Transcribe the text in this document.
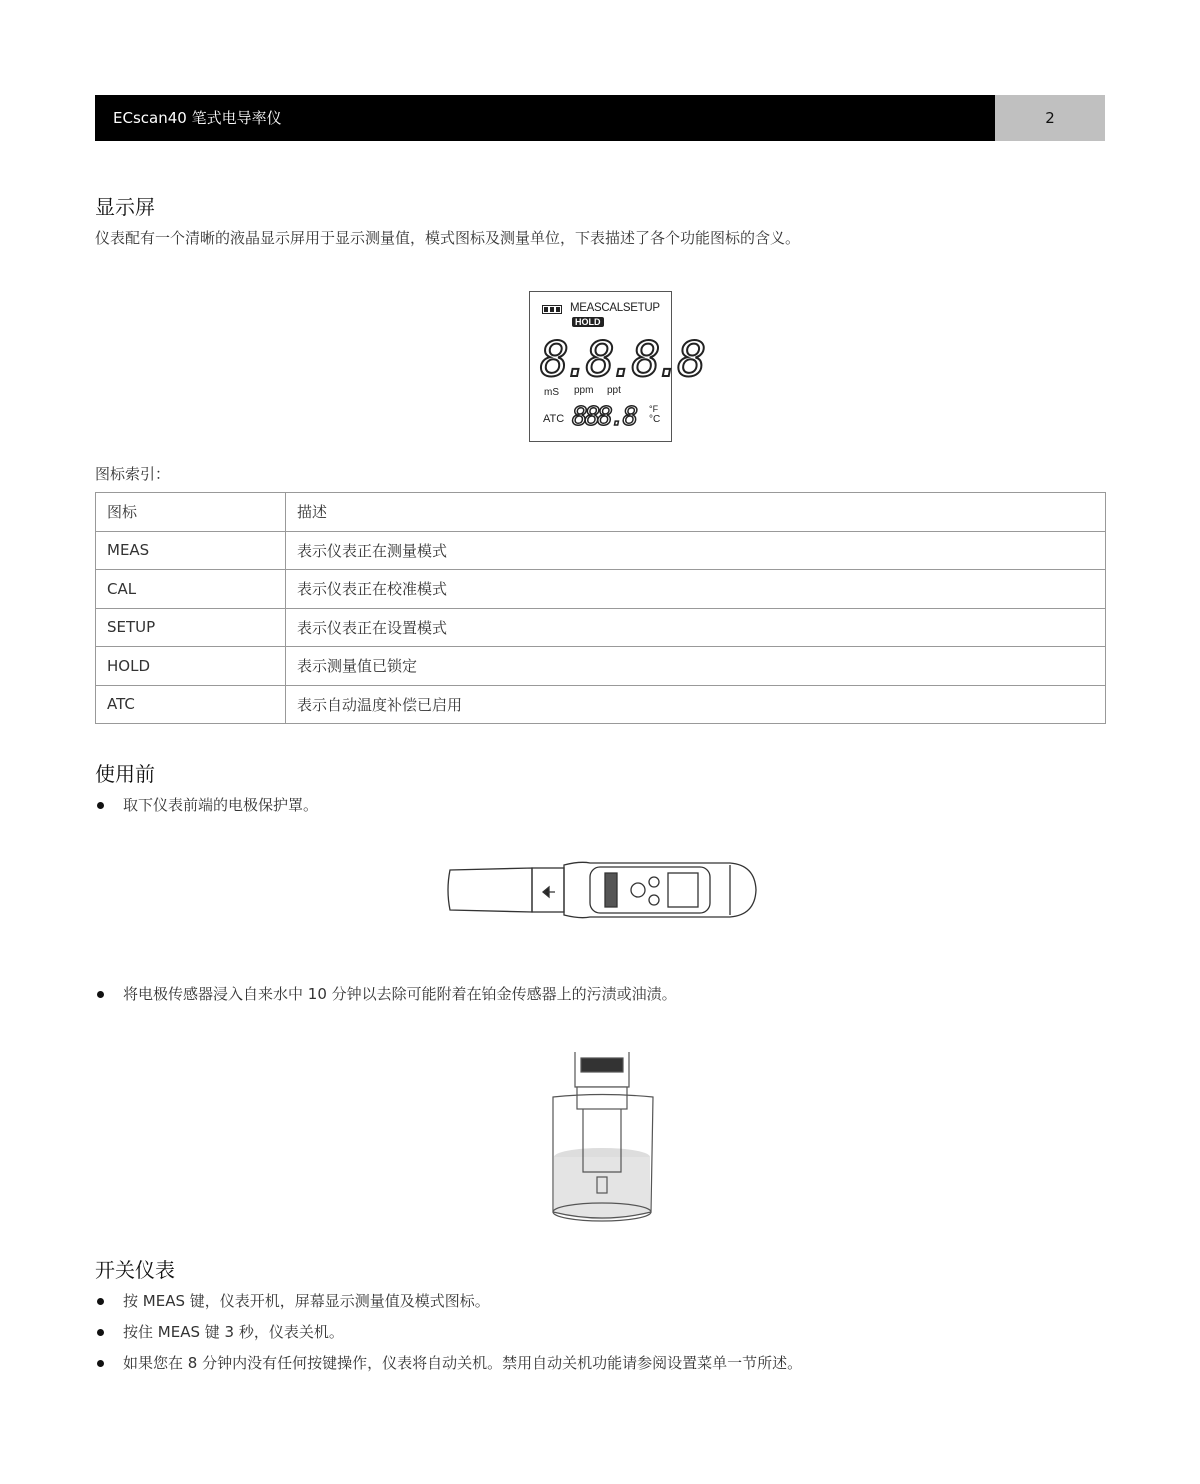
ECscan40 笔式电导率仪	2
显示屏
仪表配有一个清晰的液晶显示屏用于显示测量值，模式图标及测量单位，下表描述了各个功能图标的含义。
MEASCALSETUP
HOLD
8.8.8.8
mS ppm ppt
ATC 888.8 °F
°C
图标索引：
图标	描述
MEAS	表示仪表正在测量模式
CAL	表示仪表正在校准模式
SETUP	表示仪表正在设置模式
HOLD	表示测量值已锁定
ATC	表示自动温度补偿已启用
使用前
取下仪表前端的电极保护罩。
将电极传感器浸入自来水中 10 分钟以去除可能附着在铂金传感器上的污渍或油渍。
开关仪表
按 MEAS 键，仪表开机，屏幕显示测量值及模式图标。
按住 MEAS 键 3 秒，仪表关机。
如果您在 8 分钟内没有任何按键操作，仪表将自动关机。禁用自动关机功能请参阅设置菜单一节所述。
